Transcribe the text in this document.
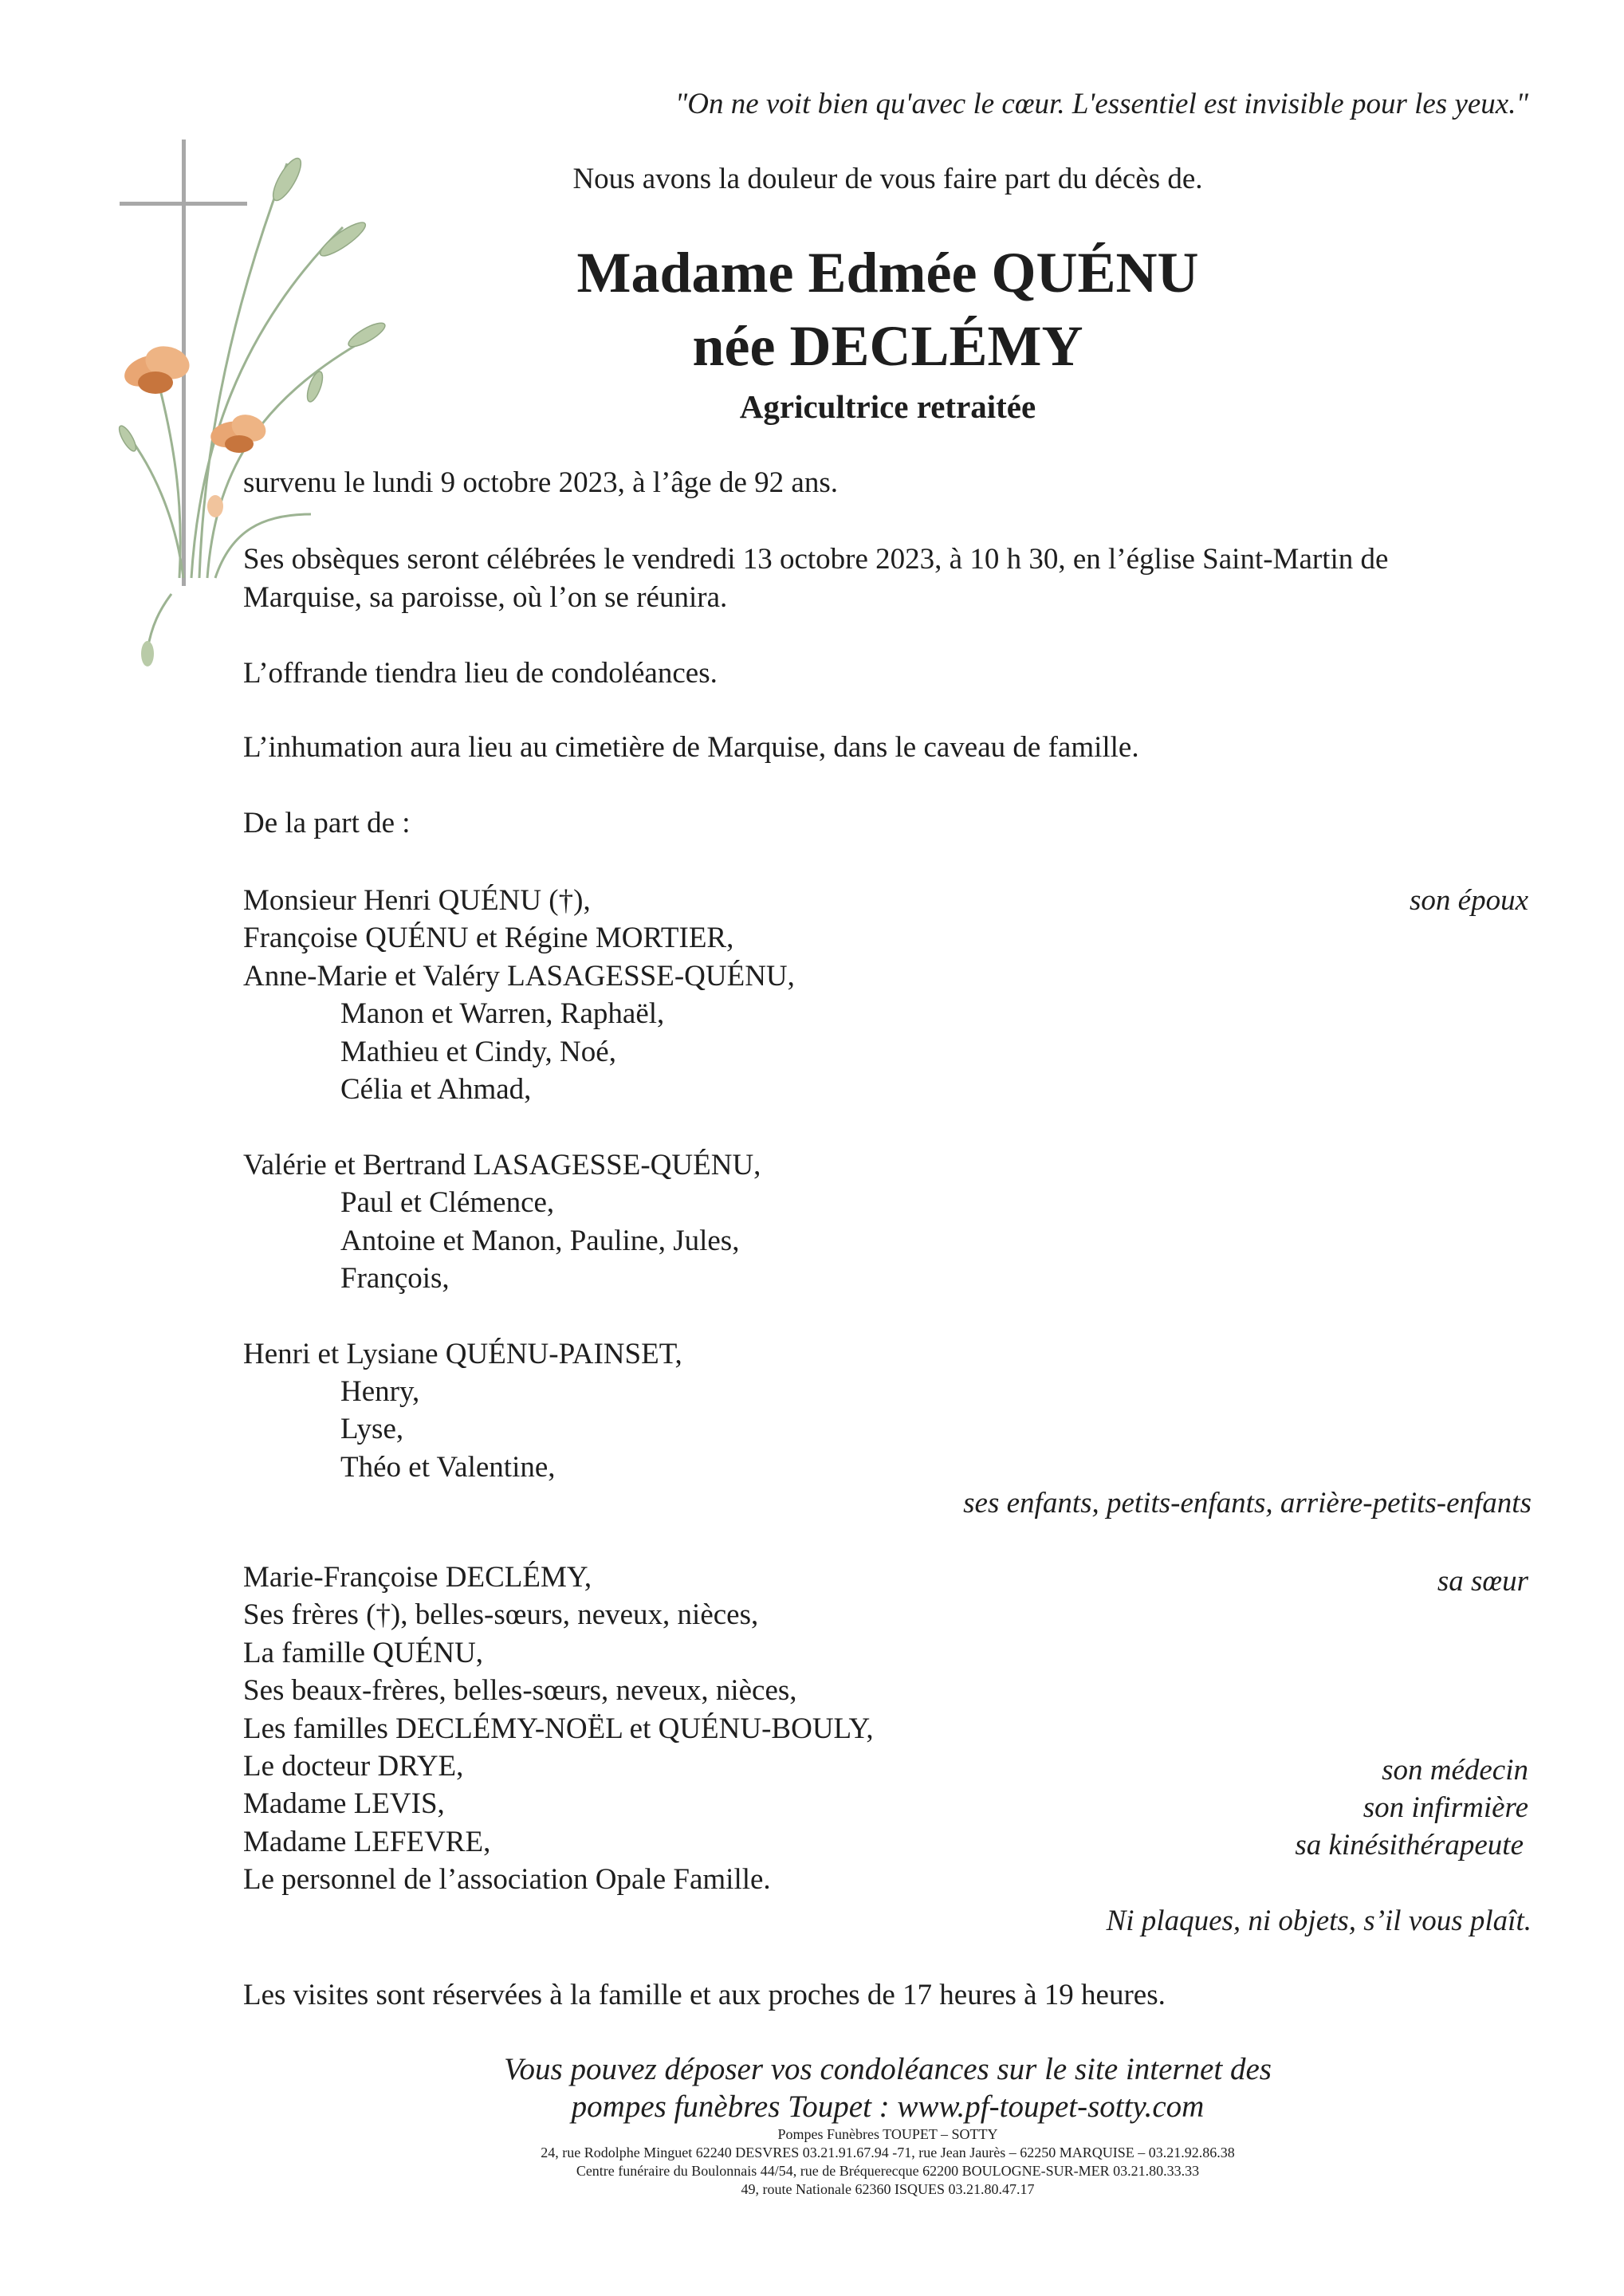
"On ne voit bien qu'avec le cœur. L'essentiel est invisible pour les yeux."
Nous avons la douleur de vous faire part du décès de.
Madame Edmée QUÉNU
née DECLÉMY
Agricultrice retraitée
survenu le lundi 9 octobre 2023, à l’âge de 92 ans.
Ses obsèques seront célébrées le vendredi 13 octobre 2023, à 10 h 30, en l’église Saint-Martin de
Marquise, sa paroisse, où l’on se réunira.
L’offrande tiendra lieu de condoléances.
L’inhumation aura lieu au cimetière de Marquise, dans le caveau de famille.
De la part de :
Monsieur Henri QUÉNU (†),
Françoise QUÉNU et Régine MORTIER,
Anne-Marie et Valéry LASAGESSE-QUÉNU,
Manon et Warren, Raphaël,
Mathieu et Cindy, Noé,
Célia et Ahmad,
Valérie et Bertrand LASAGESSE-QUÉNU,
Paul et Clémence,
Antoine et Manon, Pauline, Jules,
François,
Henri et Lysiane QUÉNU-PAINSET,
Henry,
Lyse,
Théo et Valentine,
son époux
ses enfants, petits-enfants, arrière-petits-enfants
Marie-Françoise DECLÉMY,
Ses frères (†), belles-sœurs, neveux, nièces,
La famille QUÉNU,
Ses beaux-frères, belles-sœurs, neveux, nièces,
Les familles DECLÉMY-NOËL et QUÉNU-BOULY,
Le docteur DRYE,
Madame LEVIS,
Madame LEFEVRE,
Le personnel de l’association Opale Famille.
sa sœur
son médecin
son infirmière
sa kinésithérapeute
Ni plaques, ni objets, s’il vous plaît.
Les visites sont réservées à la famille et aux proches de 17 heures à 19 heures.
Vous pouvez déposer vos condoléances sur le site internet des
pompes funèbres Toupet : www.pf-toupet-sotty.com
Pompes Funèbres TOUPET – SOTTY
24, rue Rodolphe Minguet 62240 DESVRES 03.21.91.67.94 -71, rue Jean Jaurès – 62250 MARQUISE – 03.21.92.86.38
Centre funéraire du Boulonnais 44/54, rue de Bréquerecque 62200 BOULOGNE-SUR-MER 03.21.80.33.33
49, route Nationale 62360 ISQUES 03.21.80.47.17
